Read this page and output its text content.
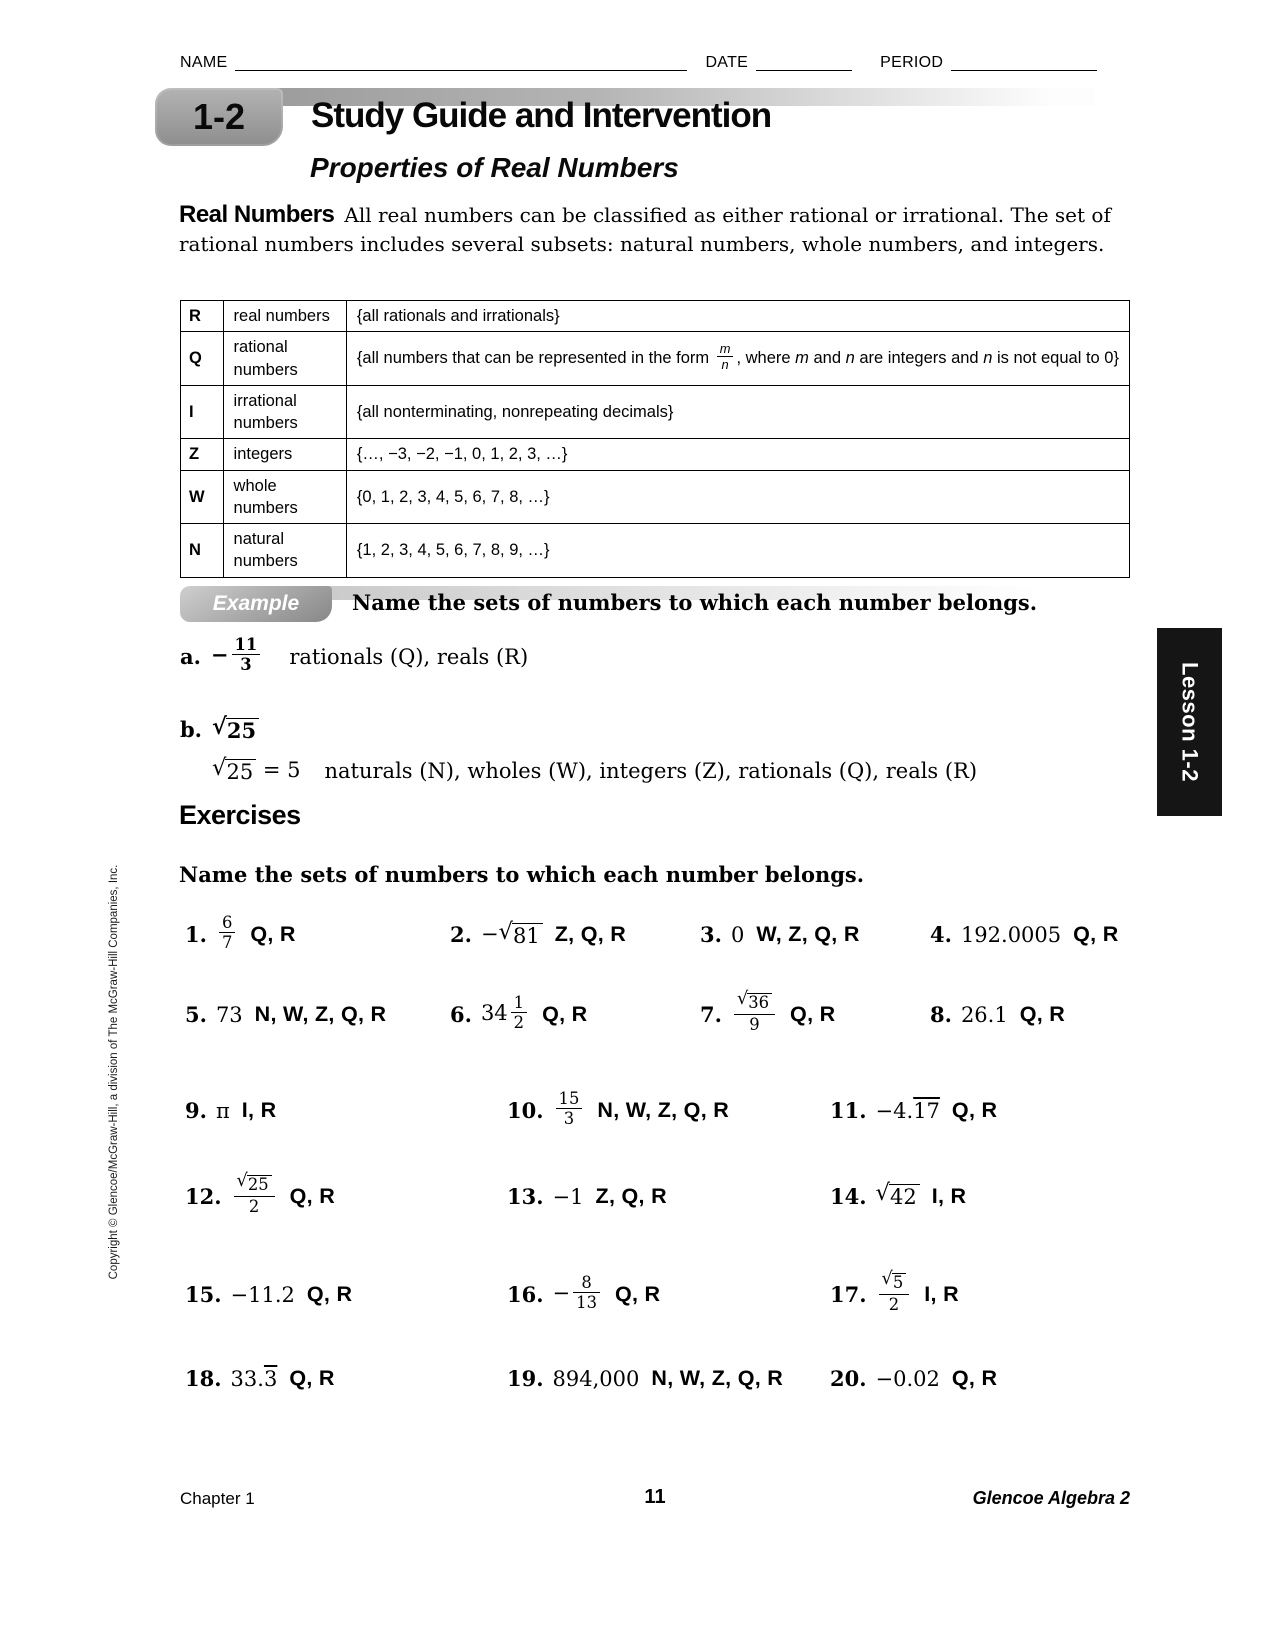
NAME	DATE	PERIOD
1-2 Study Guide and Intervention
Properties of Real Numbers
Real Numbers All real numbers can be classified as either rational or irrational. The set of rational numbers includes several subsets: natural numbers, whole numbers, and integers.
R	real numbers	{all rationals and irrationals}
Q	rational numbers	{all numbers that can be represented in the form $\frac{m}{n}$ , where m and n are integers and n is not equal to 0}
I	irrational numbers	{all nonterminating, nonrepeating decimals}
Z	integers	{…, −3, −2, −1, 0, 1, 2, 3, …}
W	whole numbers	{0, 1, 2, 3, 4, 5, 6, 7, 8, …}
N	natural numbers	{1, 2, 3, 4, 5, 6, 7, 8, 9, …}
Example	Name the sets of numbers to which each number belongs.
a. − $\frac{11}{3}$ rationals (Q), reals (R)
b. √ 25
√ 25 = 5 naturals (N), wholes (W), integers (Z), rationals (Q), reals (R)	Lesson 1-2
Exercises
Name the sets of numbers to which each number belongs.
1. $\frac{6}{7} Q$, R	2. − √ 81 Z, Q, R	3. 0 W, Z, Q, R	4. 192.0005 Q, R
5. 73 N, W, Z, Q, R	6. $34 \frac{1}{2} Q$, R	7. √ $\frac{36}{9} Q$, R	8. 26.1 Q, R
9. π I, R	10. $\frac{15}{3} N$, W, Z, Q, R	11. −4.17 Q, R
12. √ $\frac{25}{2} Q$, R	13. −1 Z, Q, R	14. √ 42 I, R
15. −11.2 Q, R	16. − $\frac{8}{13} Q$, R	17. √ $\frac{5}{2} I$, R
18. 33.3 Q, R	19. 894,000 N, W, Z, Q, R 20. −0.02 Q, R
Copyright © Glencoe/McGraw-Hill, a division of The McGraw-Hill Companies, Inc.
Chapter 1	11	Glencoe Algebra 2
